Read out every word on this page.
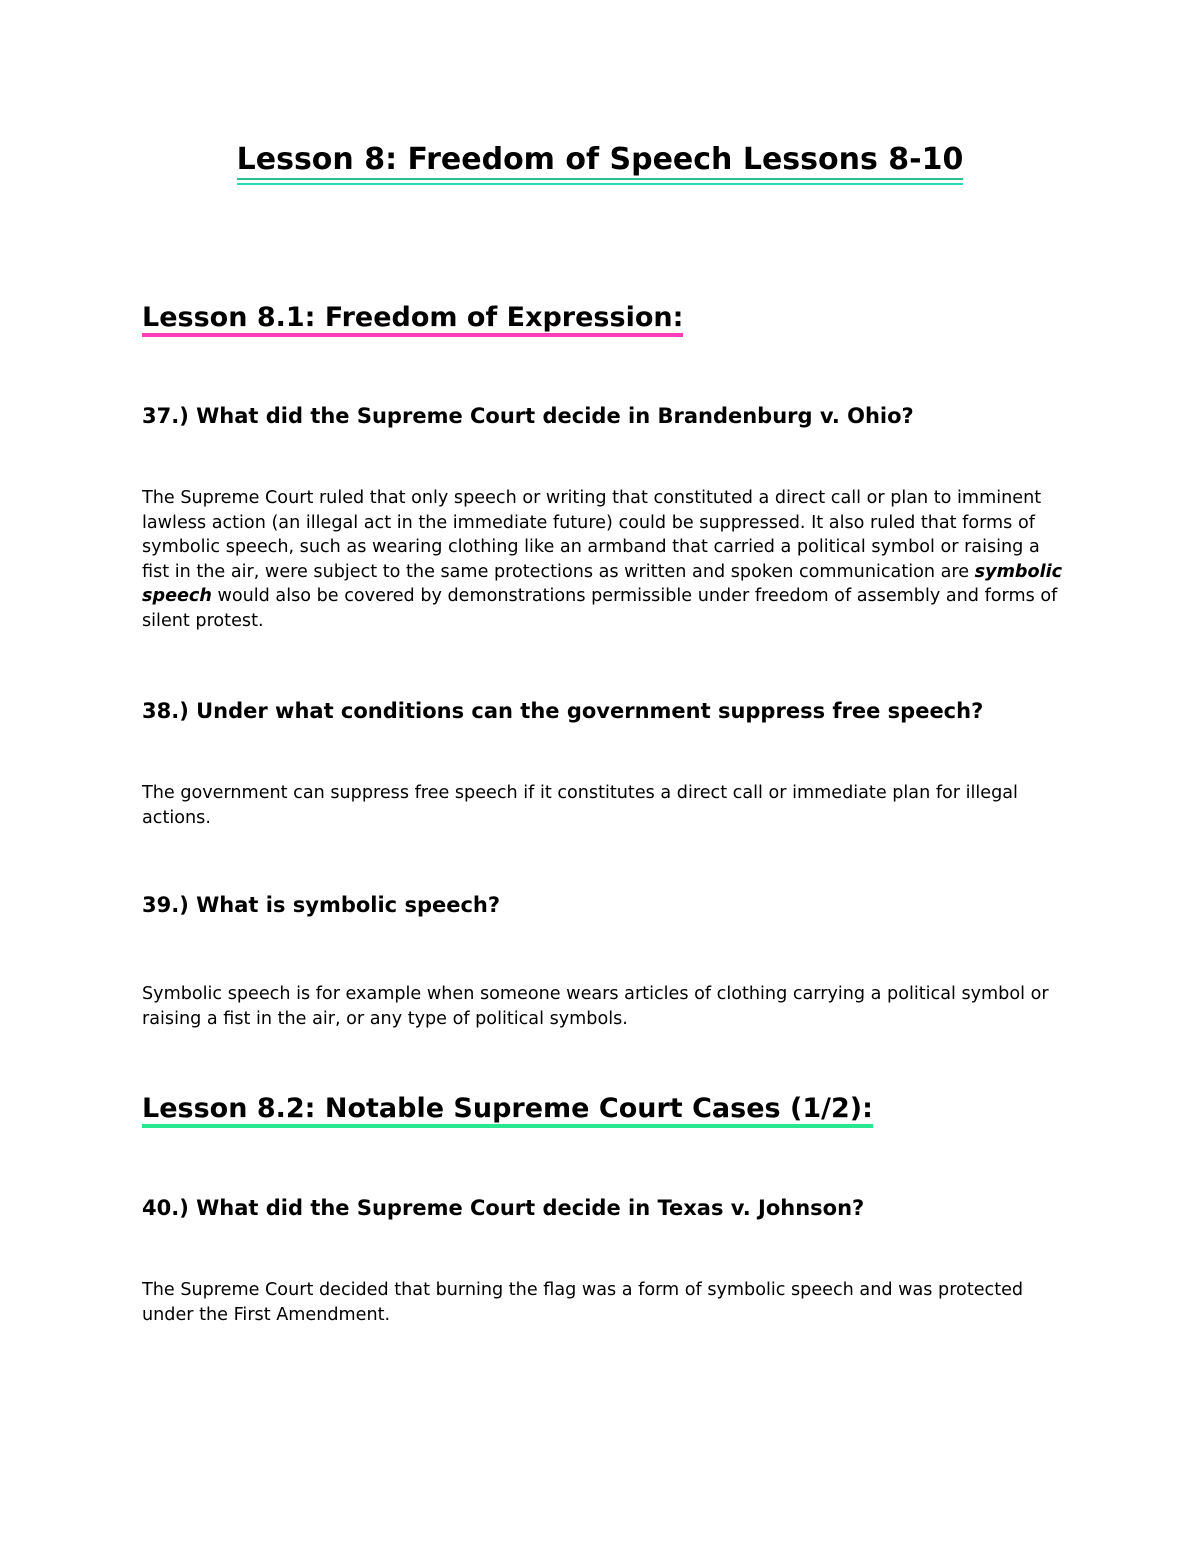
Lesson 8: Freedom of Speech Lessons 8-10
Lesson 8.1: Freedom of Expression:
37.) What did the Supreme Court decide in Brandenburg v. Ohio?

The Supreme Court ruled that only speech or writing that constituted a direct call or plan to imminent lawless action (an illegal act in the immediate future) could be suppressed. It also ruled that forms of symbolic speech, such as wearing clothing like an armband that carried a political symbol or raising a fist in the air, were subject to the same protections as written and spoken communication are symbolic speech would also be covered by demonstrations permissible under freedom of assembly and forms of silent protest.

38.) Under what conditions can the government suppress free speech?

The government can suppress free speech if it constitutes a direct call or immediate plan for illegal actions.

39.) What is symbolic speech?

Symbolic speech is for example when someone wears articles of clothing carrying a political symbol or raising a fist in the air, or any type of political symbols.

Lesson 8.2: Notable Supreme Court Cases (1/2):
40.) What did the Supreme Court decide in Texas v. Johnson?

The Supreme Court decided that burning the flag was a form of symbolic speech and was protected under the First Amendment.
